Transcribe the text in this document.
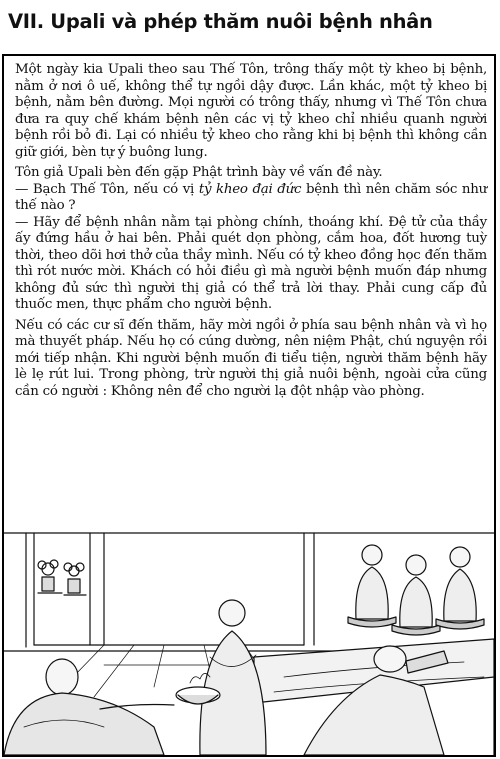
VII. Upali và phép thăm nuôi bệnh nhân

Một ngày kia Upali theo sau Thế Tôn, trông thấy một tỳ kheo bị bệnh, nằm ở nơi ô uế, không thể tự ngồi dậy được. Lần khác, một tỷ kheo bị bệnh, nằm bên đường. Mọi người có trông thấy, nhưng vì Thế Tôn chưa đưa ra quy chế khám bệnh nên các vị tỷ kheo chỉ nhiều quanh người bệnh rồi bỏ đi. Lại có nhiều tỷ kheo cho rằng khi bị bệnh thì không cần giữ giới, bèn tự ý buông lung.

Tôn giả Upali bèn đến gặp Phật trình bày về vấn đề này.

— Bạch Thế Tôn, nếu có vị tỷ kheo đại đức bệnh thì nên chăm sóc như thế nào ?

— Hãy để bệnh nhân nằm tại phòng chính, thoáng khí. Đệ tử của thầy ấy đứng hầu ở hai bên. Phải quét dọn phòng, cắm hoa, đốt hương tuỳ thời, theo dõi hơi thở của thầy mình. Nếu có tỷ kheo đồng học đến thăm thì rót nước mời. Khách có hỏi điều gì mà người bệnh muốn đáp nhưng không đủ sức thì người thị giả có thể trả lời thay. Phải cung cấp đủ thuốc men, thực phẩm cho người bệnh.

Nếu có các cư sĩ đến thăm, hãy mời ngồi ở phía sau bệnh nhân và vì họ mà thuyết pháp. Nếu họ có cúng dường, nên niệm Phật, chú nguyện rồi mới tiếp nhận. Khi người bệnh muốn đi tiểu tiện, người thăm bệnh hãy lè lẹ rút lui. Trong phòng, trừ người thị giả nuôi bệnh, ngoài cửa cũng cần có người : Không nên để cho người lạ đột nhập vào phòng.
